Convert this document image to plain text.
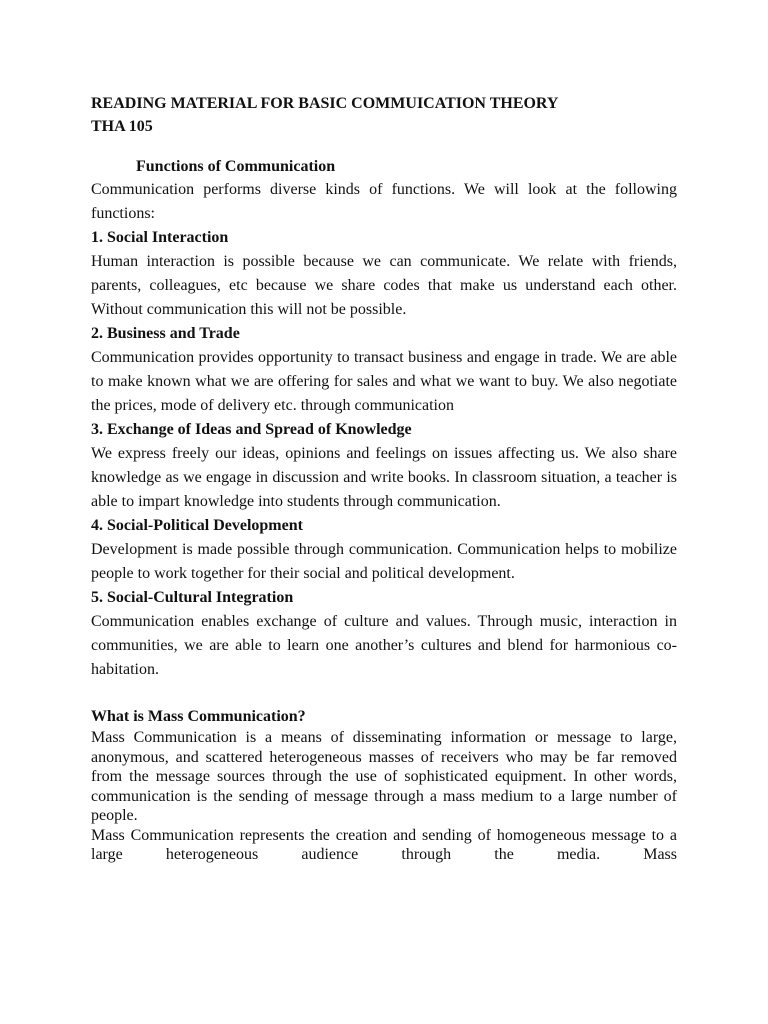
READING MATERIAL FOR BASIC COMMUICATION THEORY
THA 105
Functions of Communication

Communication performs diverse kinds of functions. We will look at the following functions:

1. Social Interaction

Human interaction is possible because we can communicate. We relate with friends, parents, colleagues, etc because we share codes that make us understand each other. Without communication this will not be possible.

2. Business and Trade

Communication provides opportunity to transact business and engage in trade. We are able to make known what we are offering for sales and what we want to buy. We also negotiate the prices, mode of delivery etc. through communication

3. Exchange of Ideas and Spread of Knowledge

We express freely our ideas, opinions and feelings on issues affecting us. We also share knowledge as we engage in discussion and write books. In classroom situation, a teacher is able to impart knowledge into students through communication.

4. Social-Political Development

Development is made possible through communication. Communication helps to mobilize people to work together for their social and political development.

5. Social-Cultural Integration

Communication enables exchange of culture and values. Through music, interaction in communities, we are able to learn one another’s cultures and blend for harmonious co-habitation.

What is Mass Communication?

Mass Communication is a means of disseminating information or message to large, anonymous, and scattered heterogeneous masses of receivers who may be far removed from the message sources through the use of sophisticated equipment. In other words, communication is the sending of message through a mass medium to a large number of people.

Mass Communication represents the creation and sending of homogeneous message to a large heterogeneous audience through the media. Mass
